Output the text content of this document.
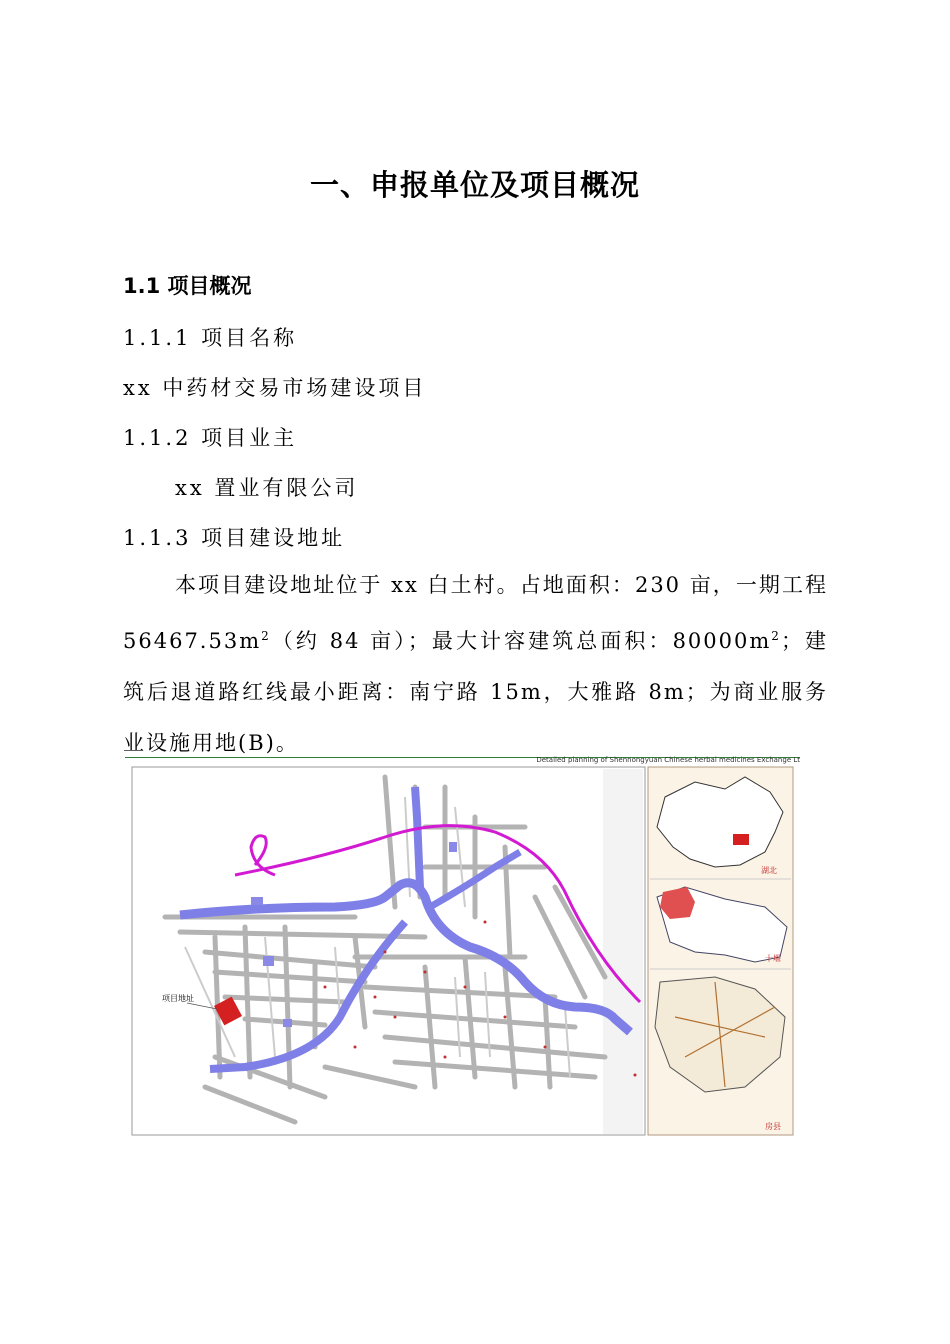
一、申报单位及项目概况
1.1 项目概况
1.1.1 项目名称
xx 中药材交易市场建设项目
1.1.2 项目业主
xx 置业有限公司
1.1.3 项目建设地址
本项目建设地址位于 xx 白土村。占地面积：230 亩，一期工程 $56467.53m^2$（约 84 亩）；最大计容建筑总面积：$80000m^2$；建筑后退道路红线最小距离：南宁路 15m，大雅路 8m；为商业服务业设施用地(B)。
Detailed planning of Shennongyuan Chinese herbal medicines Exchange Lt
项目地址
湖北
十堰
房县
